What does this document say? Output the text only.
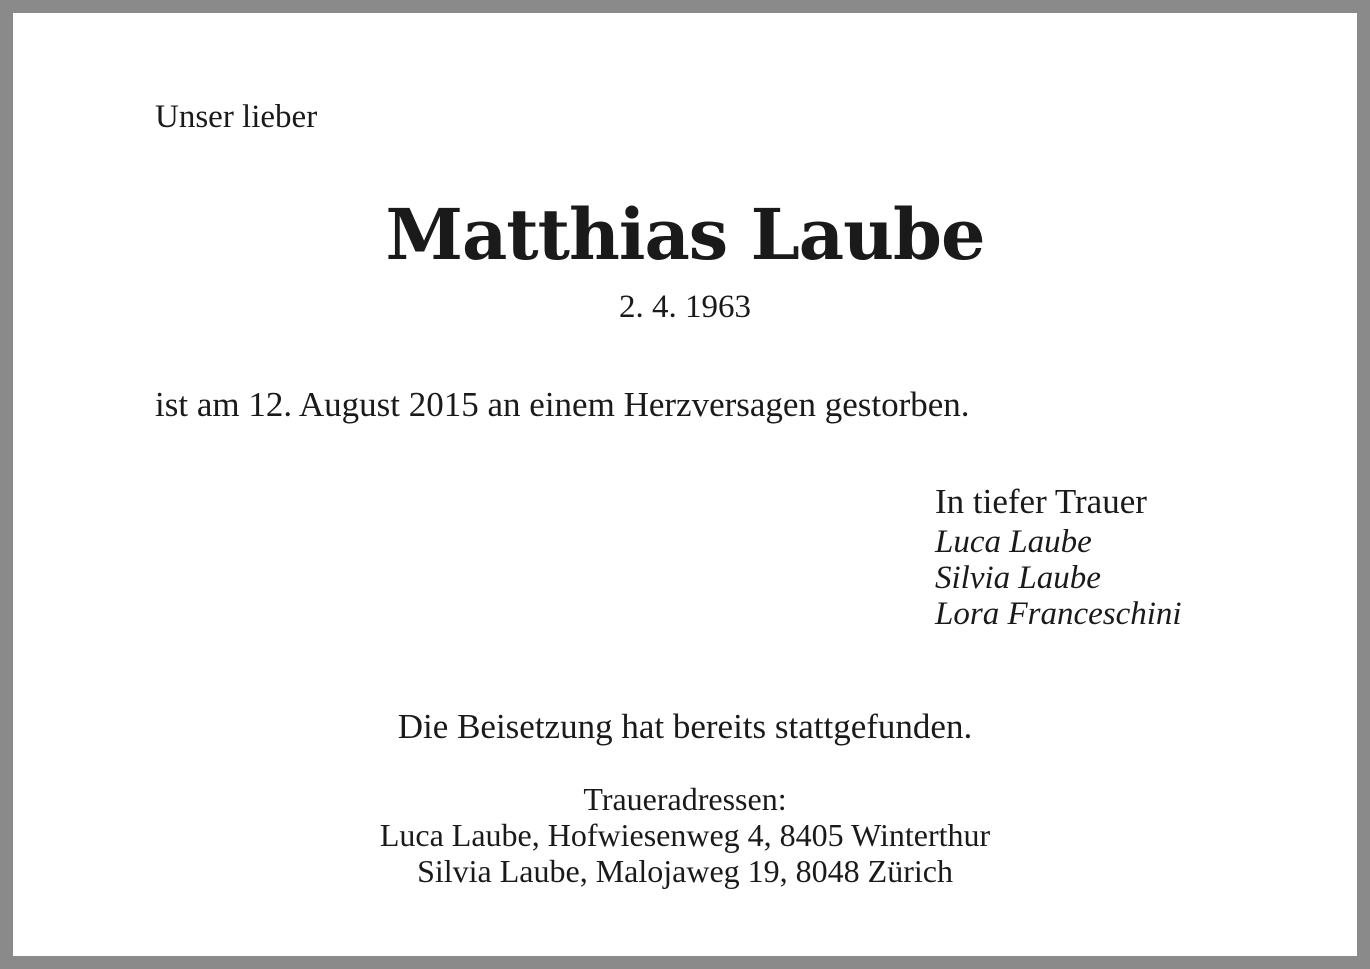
Unser lieber
Matthias Laube
2. 4. 1963
ist am 12. August 2015 an einem Herzversagen gestorben.
In tiefer Trauer
Luca Laube
Silvia Laube
Lora Franceschini
Die Beisetzung hat bereits stattgefunden.
Traueradressen:
Luca Laube, Hofwiesenweg 4, 8405 Winterthur
Silvia Laube, Malojaweg 19, 8048 Zürich
